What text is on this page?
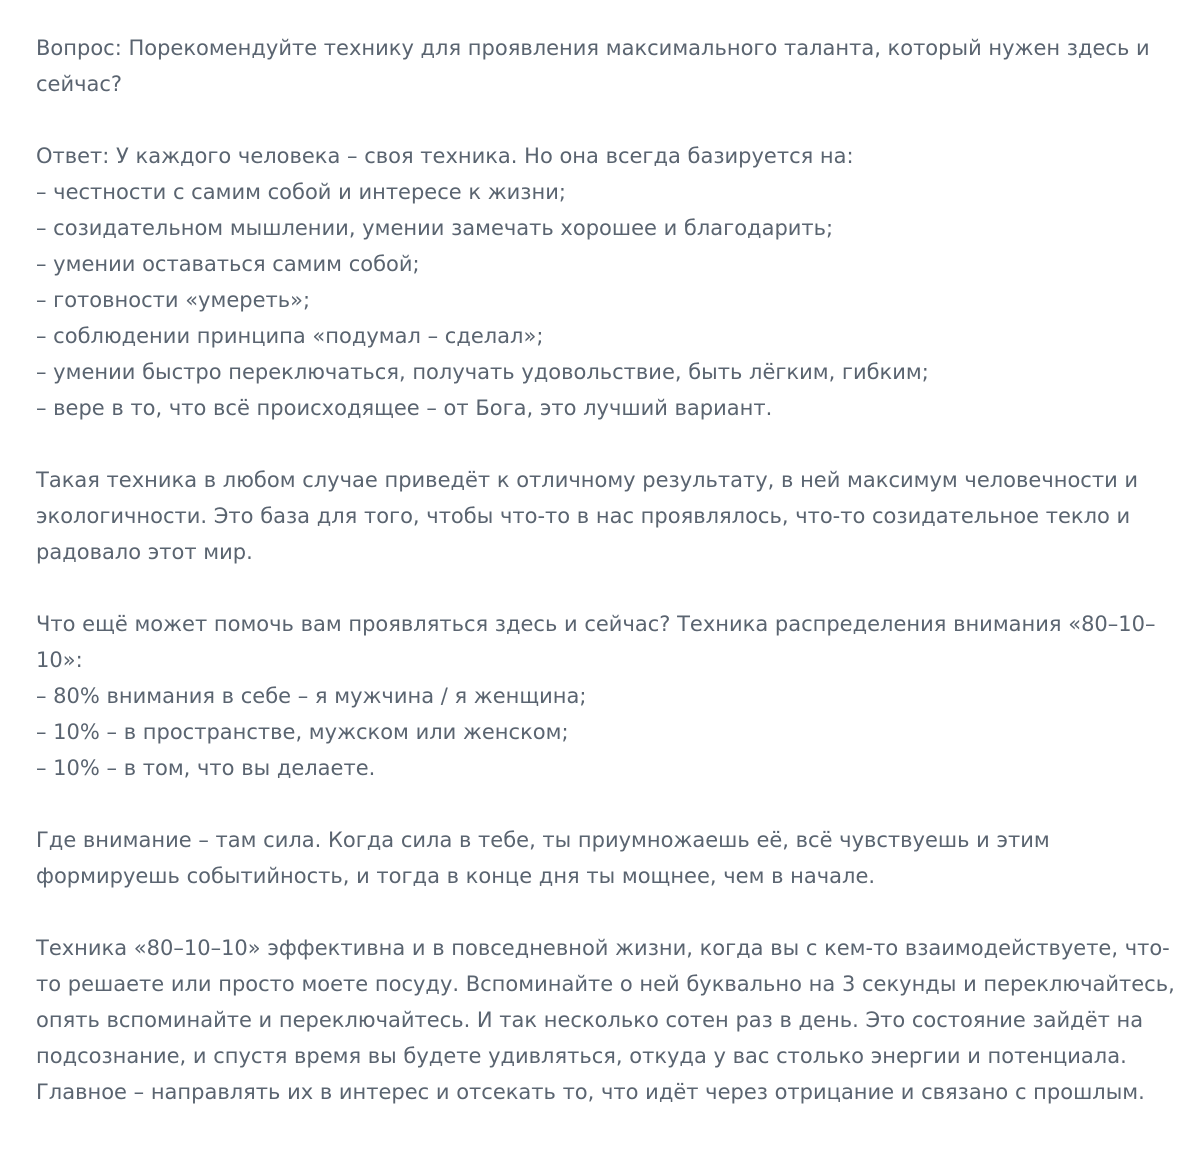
Вопрос: Порекомендуйте технику для проявления максимального таланта, который нужен здесь и сейчас?

Ответ: У каждого человека – своя техника. Но она всегда базируется на:
– честности с самим собой и интересе к жизни;
– созидательном мышлении, умении замечать хорошее и благодарить;
– умении оставаться самим собой;
– готовности «умереть»;
– соблюдении принципа «подумал – сделал»;
– умении быстро переключаться, получать удовольствие, быть лёгким, гибким;
– вере в то, что всё происходящее – от Бога, это лучший вариант.

Такая техника в любом случае приведёт к отличному результату, в ней максимум человечности и экологичности. Это база для того, чтобы что-то в нас проявлялось, что-то созидательное текло и радовало этот мир.

Что ещё может помочь вам проявляться здесь и сейчас? Техника распределения внимания «80–10–10»:
– 80% внимания в себе – я мужчина / я женщина;
– 10% – в пространстве, мужском или женском;
– 10% – в том, что вы делаете.

Где внимание – там сила. Когда сила в тебе, ты приумножаешь её, всё чувствуешь и этим формируешь событийность, и тогда в конце дня ты мощнее, чем в начале.

Техника «80–10–10» эффективна и в повседневной жизни, когда вы с кем-то взаимодействуете, что-то решаете или просто моете посуду. Вспоминайте о ней буквально на 3 секунды и переключайтесь, опять вспоминайте и переключайтесь. И так несколько сотен раз в день. Это состояние зайдёт на подсознание, и спустя время вы будете удивляться, откуда у вас столько энергии и потенциала. Главное – направлять их в интерес и отсекать то, что идёт через отрицание и связано с прошлым.
